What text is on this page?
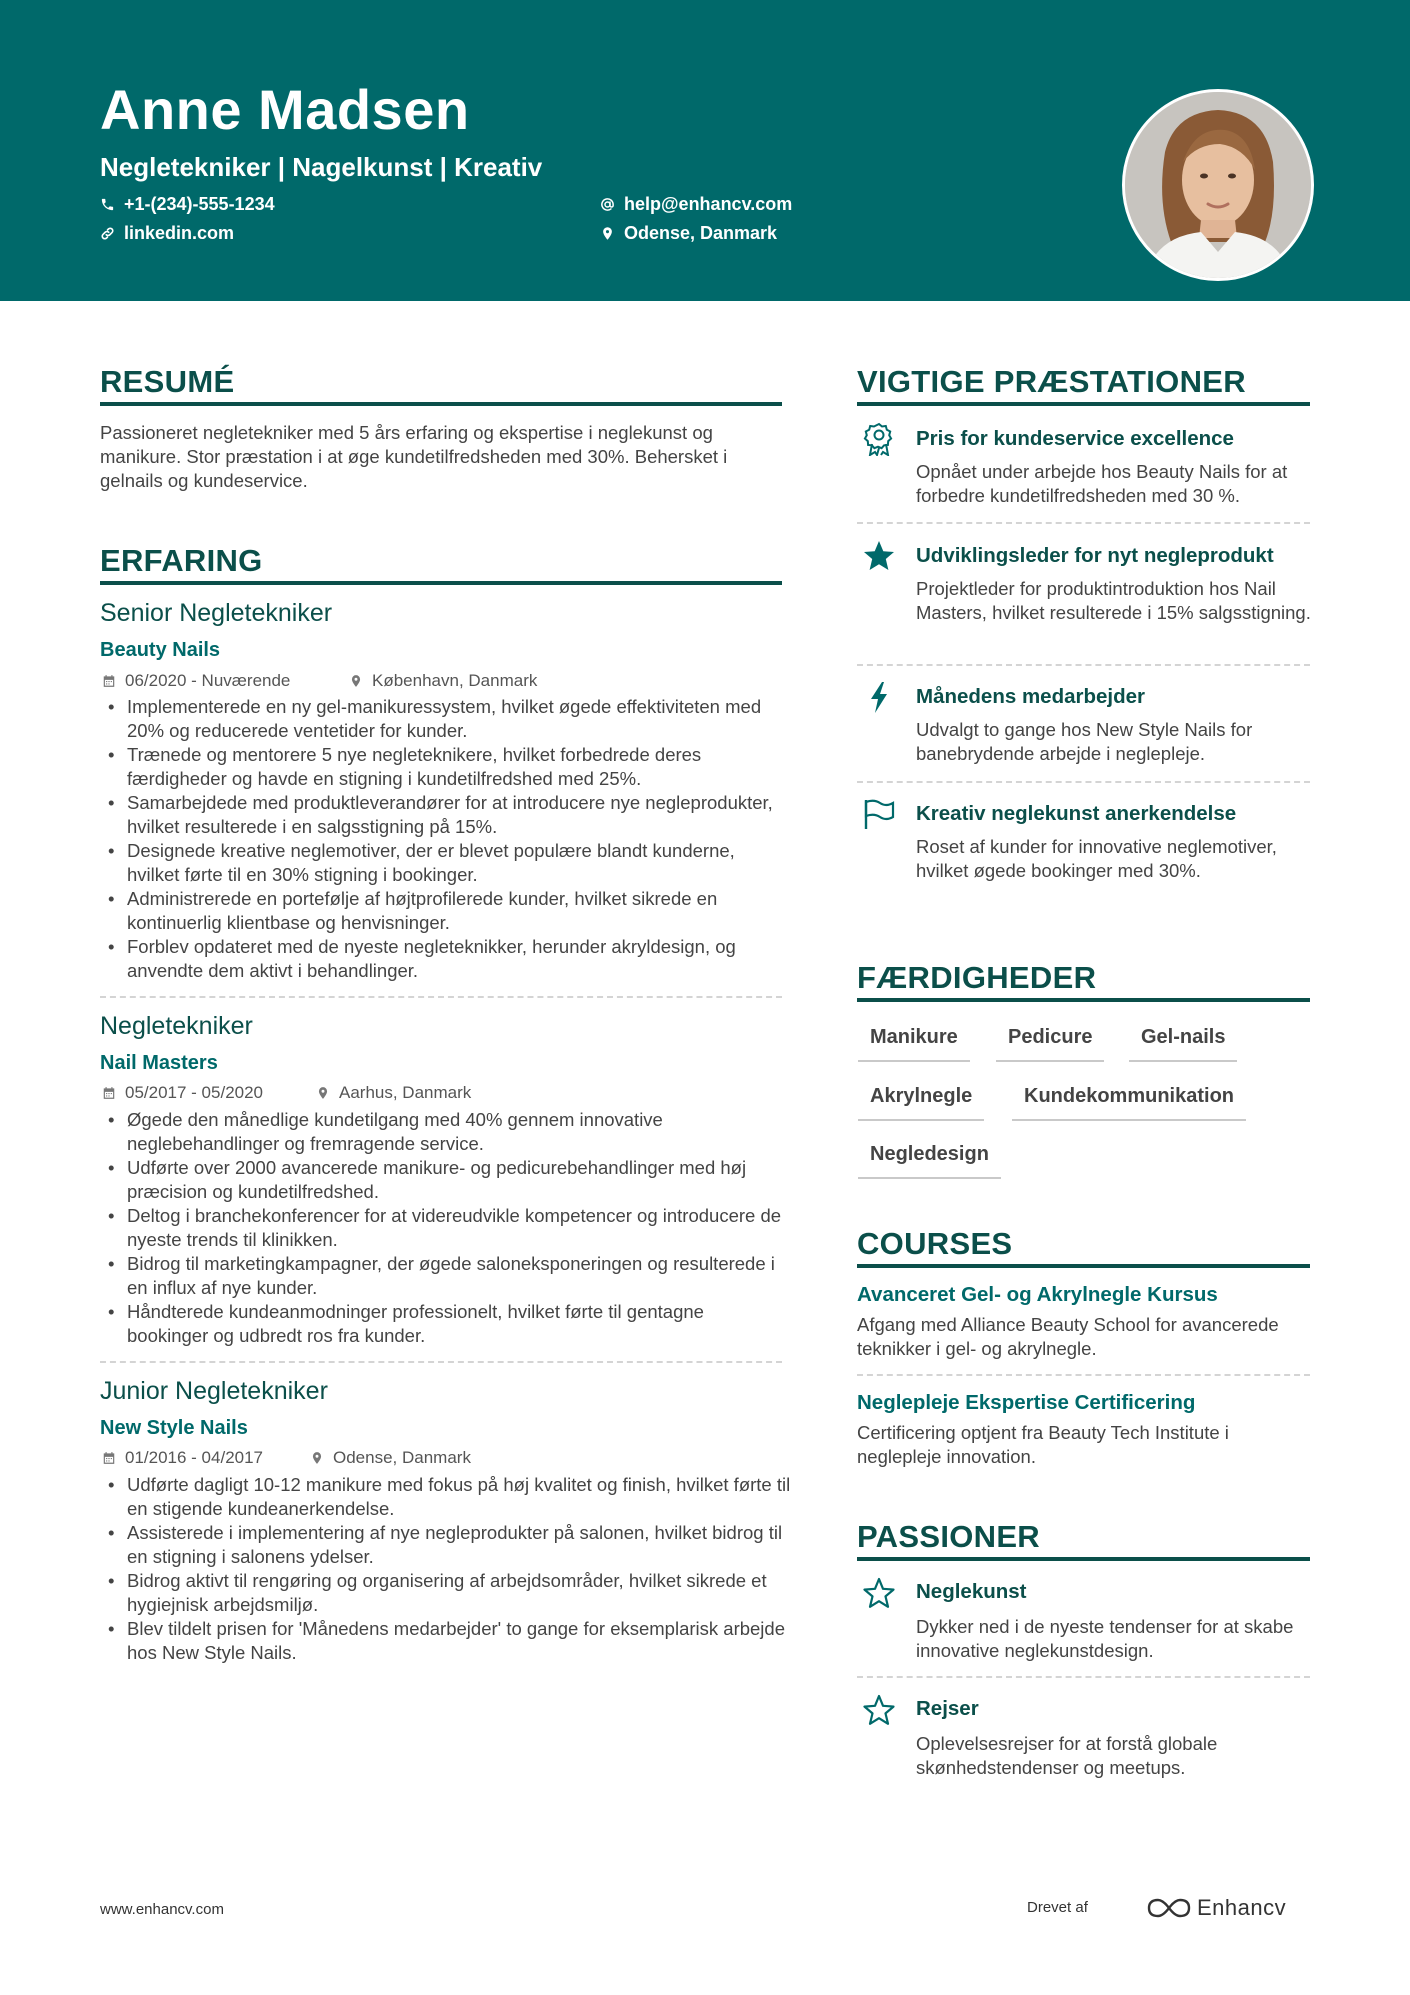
Anne Madsen
Negletekniker | Nagelkunst | Kreativ
+1-(234)-555-1234
linkedin.com
help@enhancv.com
Odense, Danmark
RESUMÉ
Passioneret negletekniker med 5 års erfaring og ekspertise i neglekunst og manikure. Stor præstation i at øge kundetilfredsheden med 30%. Behersket i gelnails og kundeservice.
ERFARING
Senior Negletekniker
Beauty Nails
06/2020 - Nuværende	København, Danmark
• Implementerede en ny gel-manikuressystem, hvilket øgede effektiviteten med 20% og reducerede ventetider for kunder.
• Trænede og mentorere 5 nye negleteknikere, hvilket forbedrede deres færdigheder og havde en stigning i kundetilfredshed med 25%.
• Samarbejdede med produktleverandører for at introducere nye negleprodukter, hvilket resulterede i en salgsstigning på 15%.
• Designede kreative neglemotiver, der er blevet populære blandt kunderne, hvilket førte til en 30% stigning i bookinger.
• Administrerede en portefølje af højtprofilerede kunder, hvilket sikrede en kontinuerlig klientbase og henvisninger.
• Forblev opdateret med de nyeste negleteknikker, herunder akryldesign, og anvendte dem aktivt i behandlinger.
Negletekniker
Nail Masters
05/2017 - 05/2020	Aarhus, Danmark
• Øgede den månedlige kundetilgang med 40% gennem innovative neglebehandlinger og fremragende service.
• Udførte over 2000 avancerede manikure- og pedicurebehandlinger med høj præcision og kundetilfredshed.
• Deltog i branchekonferencer for at videreudvikle kompetencer og introducere de nyeste trends til klinikken.
• Bidrog til marketingkampagner, der øgede saloneksponeringen og resulterede i en influx af nye kunder.
• Håndterede kundeanmodninger professionelt, hvilket førte til gentagne bookinger og udbredt ros fra kunder.
Junior Negletekniker
New Style Nails
01/2016 - 04/2017	Odense, Danmark
• Udførte dagligt 10-12 manikure med fokus på høj kvalitet og finish, hvilket førte til en stigende kundeanerkendelse.
• Assisterede i implementering af nye negleprodukter på salonen, hvilket bidrog til en stigning i salonens ydelser.
• Bidrog aktivt til rengøring og organisering af arbejdsområder, hvilket sikrede et hygiejnisk arbejdsmiljø.
• Blev tildelt prisen for 'Månedens medarbejder' to gange for eksemplarisk arbejde hos New Style Nails.
VIGTIGE PRÆSTATIONER
Pris for kundeservice excellence
Opnået under arbejde hos Beauty Nails for at forbedre kundetilfredsheden med 30 %.
Udviklingsleder for nyt negleprodukt
Projektleder for produktintroduktion hos Nail Masters, hvilket resulterede i 15% salgsstigning.
Månedens medarbejder
Udvalgt to gange hos New Style Nails for banebrydende arbejde i neglepleje.
Kreativ neglekunst anerkendelse
Roset af kunder for innovative neglemotiver, hvilket øgede bookinger med 30%.
FÆRDIGHEDER
Manikure	Pedicure	Gel-nails
Akrylnegle	Kundekommunikation
Negledesign
COURSES
Avanceret Gel- og Akrylnegle Kursus
Afgang med Alliance Beauty School for avancerede teknikker i gel- og akrylnegle.
Neglepleje Ekspertise Certificering
Certificering optjent fra Beauty Tech Institute i neglepleje innovation.
PASSIONER
Neglekunst
Dykker ned i de nyeste tendenser for at skabe innovative neglekunstdesign.
Rejser
Oplevelsesrejser for at forstå globale skønhedstendenser og meetups.
www.enhancv.com	Drevet af	Enhancv
